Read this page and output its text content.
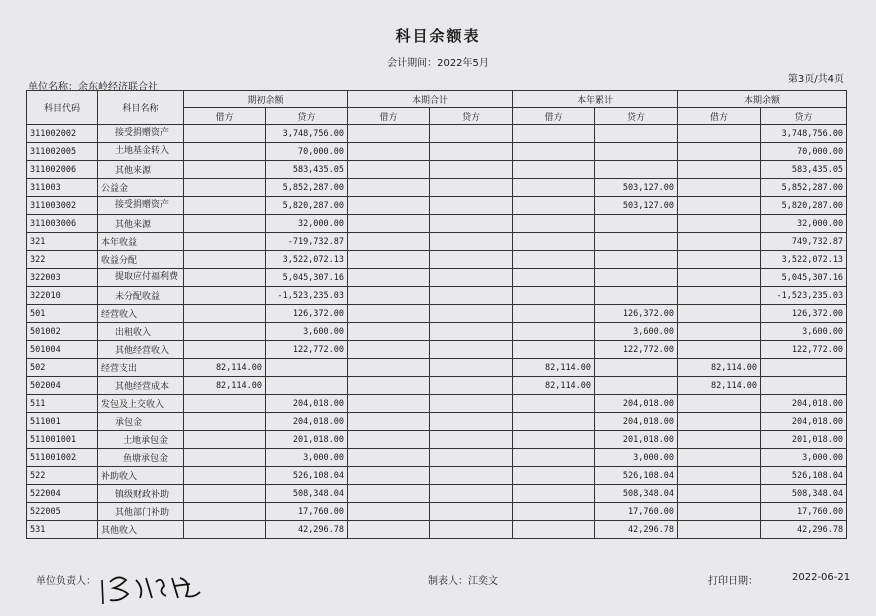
科目余额表
会计期间：2022年5月
单位名称：余东岭经济联合社
第3页/共4页
科目代码	科目名称	期初余额		本期合计		本年累计		本期余额	
		借方	贷方	借方	贷方	借方	贷方	借方	贷方
311002002	接受捐赠资产		3,748,756.00						3,748,756.00
311002005	土地基金转入		70,000.00						70,000.00
311002006	其他来源		583,435.05						583,435.05
311003	公益金		5,852,287.00				503,127.00		5,852,287.00
311003002	接受捐赠资产		5,820,287.00				503,127.00		5,820,287.00
311003006	其他来源		32,000.00						32,000.00
321	本年收益		-719,732.87						749,732.87
322	收益分配		3,522,072.13						3,522,072.13
322003	提取应付福利费		5,045,307.16						5,045,307.16
322010	未分配收益		-1,523,235.03						-1,523,235.03
501	经营收入		126,372.00				126,372.00		126,372.00
501002	出租收入		3,600.00				3,600.00		3,600.00
501004	其他经营收入		122,772.00				122,772.00		122,772.00
502	经营支出	82,114.00				82,114.00		82,114.00	
502004	其他经营成本	82,114.00				82,114.00		82,114.00	
511	发包及上交收入		204,018.00				204,018.00		204,018.00
511001	承包金		204,018.00				204,018.00		204,018.00
511001001	土地承包金		201,018.00				201,018.00		201,018.00
511001002	鱼塘承包金		3,000.00				3,000.00		3,000.00
522	补助收入		526,108.04				526,108.04		526,108.04
522004	镇级财政补助		508,348.04				508,348.04		508,348.04
522005	其他部门补助		17,760.00				17,760.00		17,760.00
531	其他收入		42,296.78				42,296.78		42,296.78
单位负责人：	制表人：江奕文	打印日期：	2022-06-21
